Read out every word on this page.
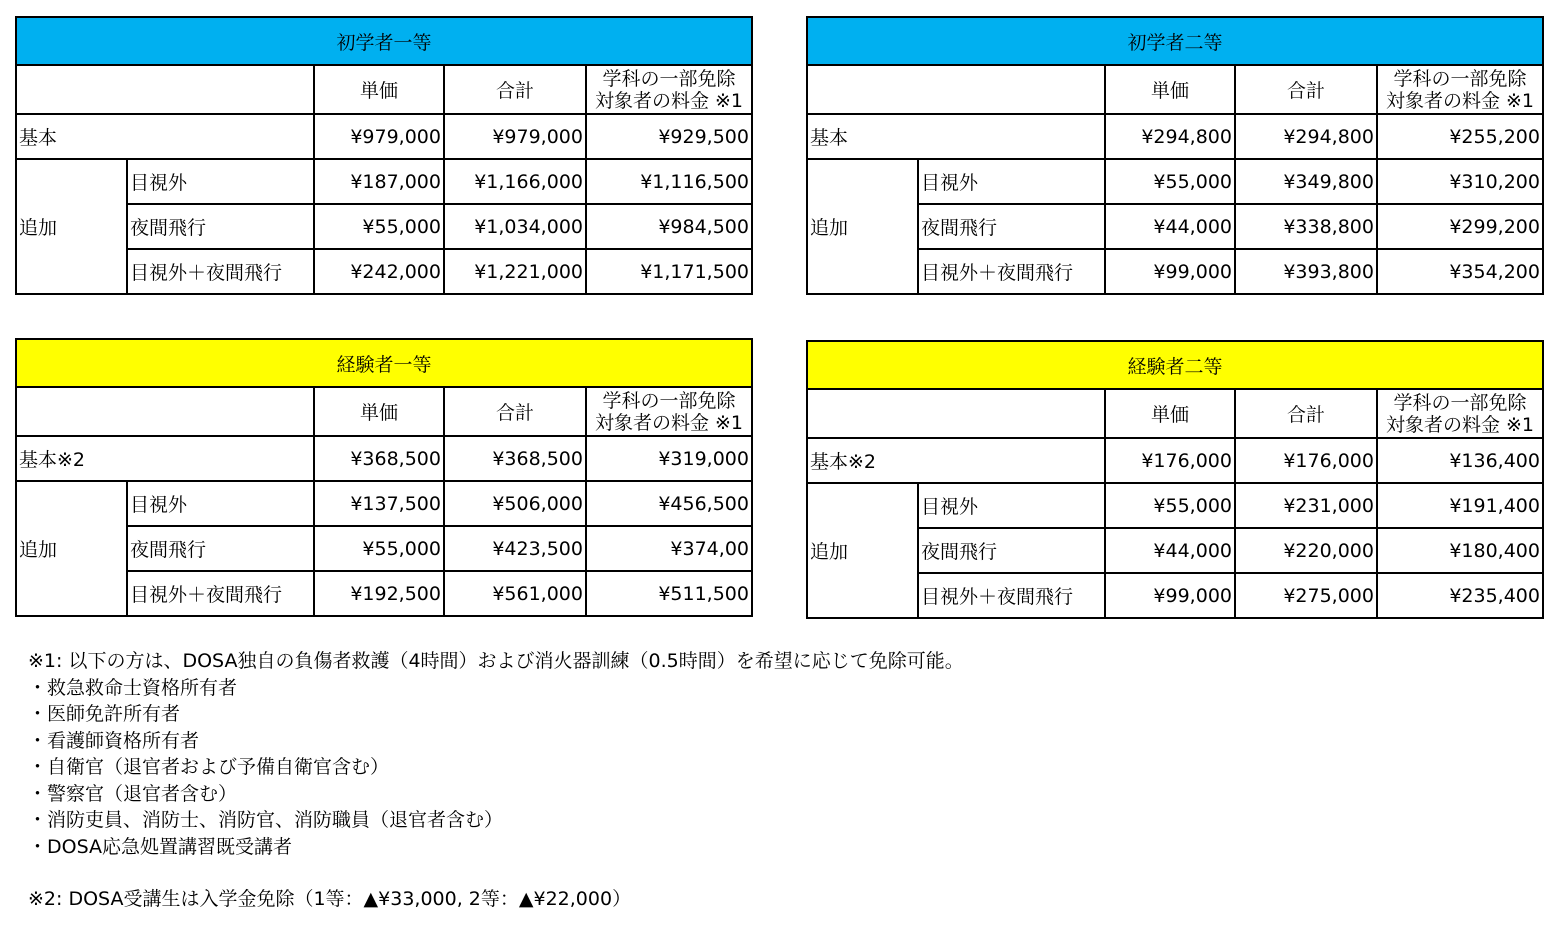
初学者一等				
		単価	合計	学科の一部免除
対象者の料金 ※1

基本		¥979,000	¥979,000	¥929,500
追加	目視外	¥187,000	¥1,166,000	¥1,116,500
	夜間飛行	¥55,000	¥1,034,000	¥984,500
	目視外＋夜間飛行	¥242,000	¥1,221,000	¥1,171,500
初学者二等				
		単価	合計	学科の一部免除
対象者の料金 ※1

基本		¥294,800	¥294,800	¥255,200
追加	目視外	¥55,000	¥349,800	¥310,200
	夜間飛行	¥44,000	¥338,800	¥299,200
	目視外＋夜間飛行	¥99,000	¥393,800	¥354,200
経験者一等				
		単価	合計	学科の一部免除
対象者の料金 ※1

基本※2		¥368,500	¥368,500	¥319,000
追加	目視外	¥137,500	¥506,000	¥456,500
	夜間飛行	¥55,000	¥423,500	¥374,00
	目視外＋夜間飛行	¥192,500	¥561,000	¥511,500
経験者二等				
		単価	合計	学科の一部免除
対象者の料金 ※1

基本※2		¥176,000	¥176,000	¥136,400
追加	目視外	¥55,000	¥231,000	¥191,400
	夜間飛行	¥44,000	¥220,000	¥180,400
	目視外＋夜間飛行	¥99,000	¥275,000	¥235,400
※1: 以下の方は、DOSA独自の負傷者救護（4時間）および消火器訓練（0.5時間）を希望に応じて免除可能。
・救急救命士資格所有者
・医師免許所有者
・看護師資格所有者
・自衛官（退官者および予備自衛官含む）
・警察官（退官者含む）
・消防吏員、消防士、消防官、消防職員（退官者含む）
・DOSA応急処置講習既受講者
※2: DOSA受講生は入学金免除（1等：▲¥33,000, 2等：▲¥22,000）
